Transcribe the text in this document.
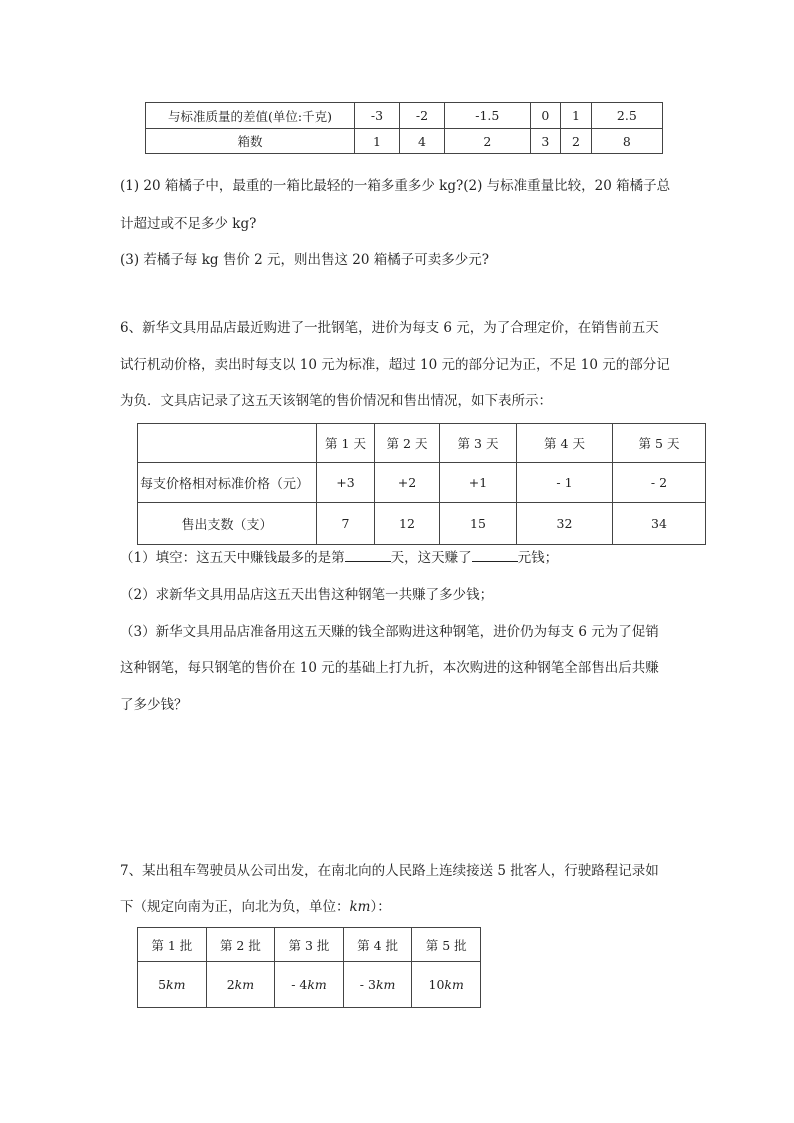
与标准质量的差值(单位:千克)	-3	-2	-1.5	0	1	2.5
箱数	1	4	2	3	2	8
(1) 20 箱橘子中，最重的一箱比最轻的一箱多重多少 kg?(2) 与标准重量比较，20 箱橘子总
计超过或不足多少 kg?
(3) 若橘子每 kg 售价 2 元，则出售这 20 箱橘子可卖多少元?
6、新华文具用品店最近购进了一批钢笔，进价为每支 6 元，为了合理定价，在销售前五天
试行机动价格，卖出时每支以 10 元为标准，超过 10 元的部分记为正，不足 10 元的部分记
为负．文具店记录了这五天该钢笔的售价情况和售出情况，如下表所示：
	第 1 天	第 2 天	第 3 天	第 4 天	第 5 天
每支价格相对标准价格（元）	+3	+2	+1	- 1	- 2
售出支数（支）	7	12	15	32	34
（1）填空：这五天中赚钱最多的是第	天，这天赚了	元钱；
（2）求新华文具用品店这五天出售这种钢笔一共赚了多少钱；
（3）新华文具用品店准备用这五天赚的钱全部购进这种钢笔，进价仍为每支 6 元为了促销
这种钢笔，每只钢笔的售价在 10 元的基础上打九折，本次购进的这种钢笔全部售出后共赚
了多少钱？
7、某出租车驾驶员从公司出发，在南北向的人民路上连续接送 5 批客人，行驶路程记录如
下（规定向南为正，向北为负，单位：km）：
第 1 批	第 2 批	第 3 批	第 4 批	第 5 批
5km	2km	- 4km	- 3km	10km
